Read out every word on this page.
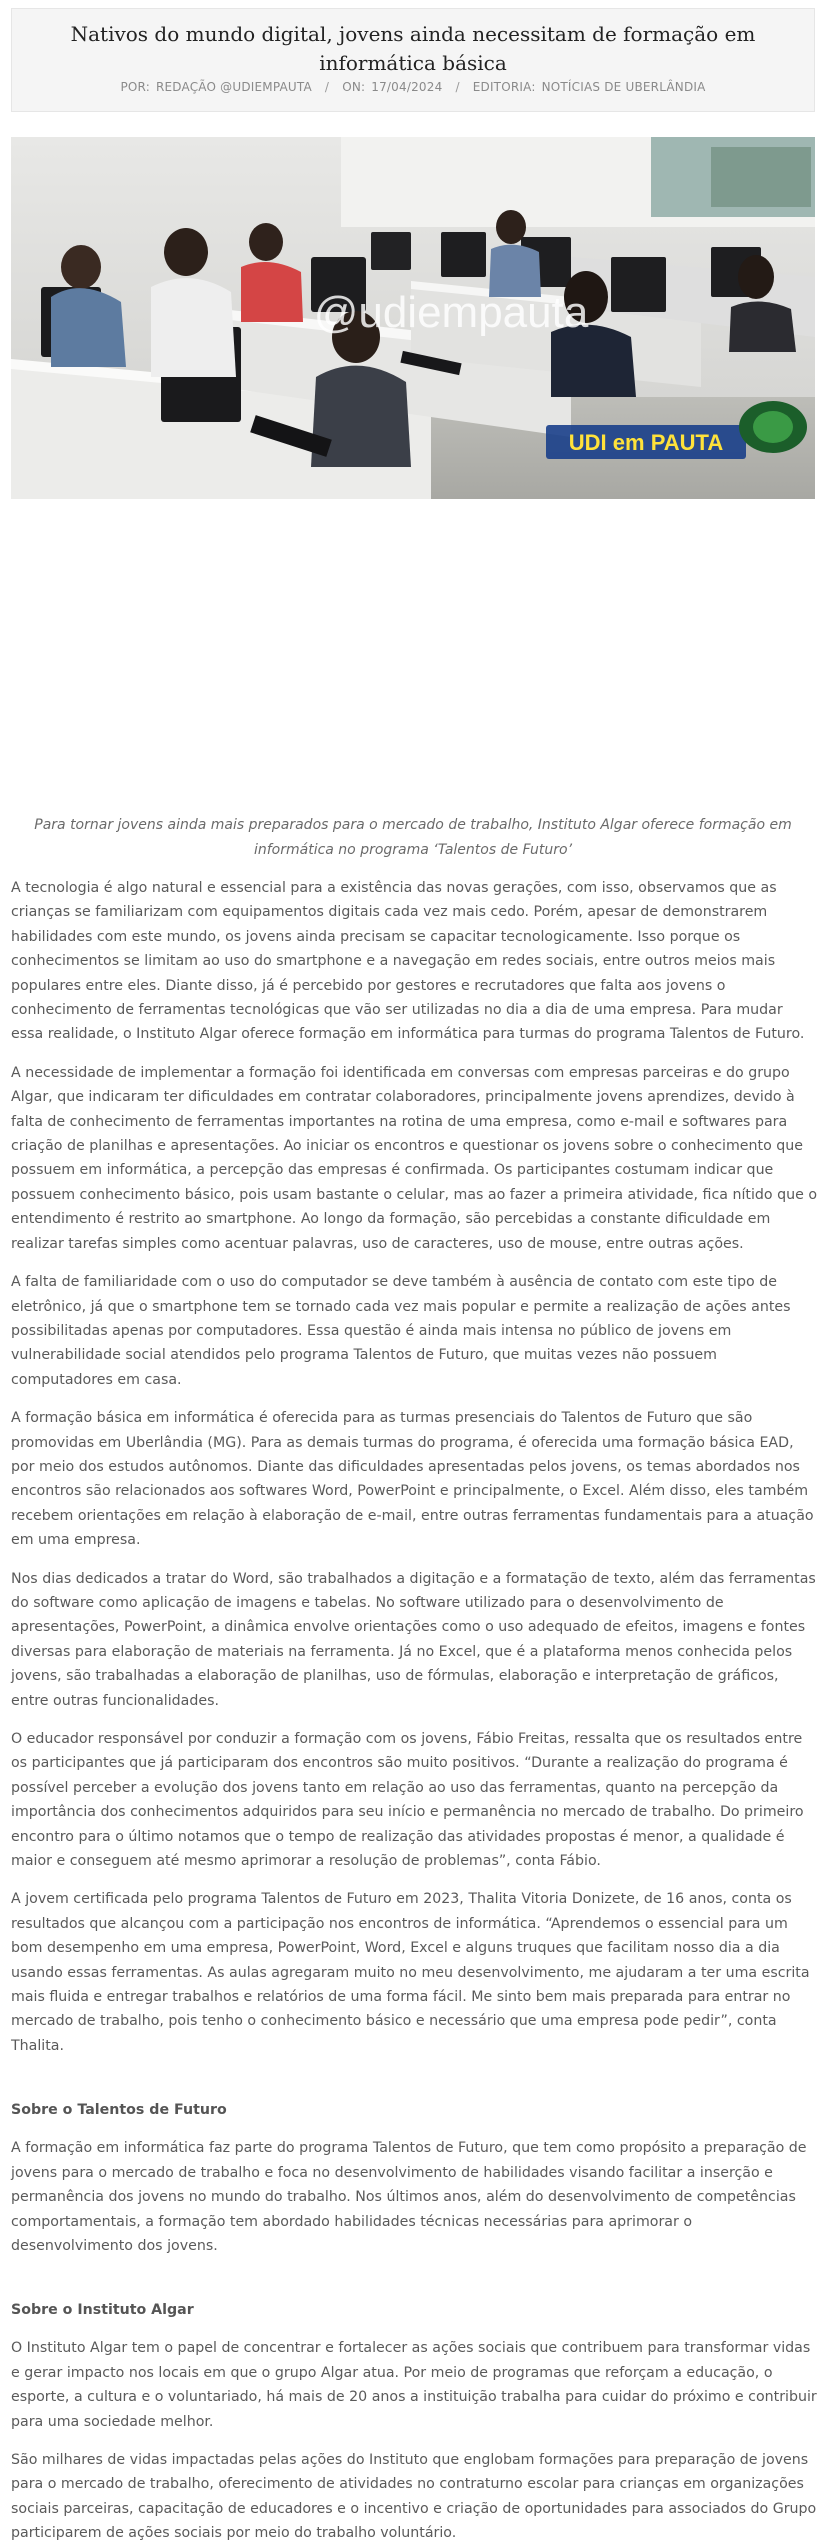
Nativos do mundo digital, jovens ainda necessitam de formação em informática básica
POR: REDAÇÃO @UDIEMPAUTA / ON: 17/04/2024 / EDITORIA: NOTÍCIAS DE UBERLÂNDIA
@udiempauta
UDI em PAUTA

Para tornar jovens ainda mais preparados para o mercado de trabalho, Instituto Algar oferece formação em informática no programa ‘Talentos de Futuro’

A tecnologia é algo natural e essencial para a existência das novas gerações, com isso, observamos que as crianças se familiarizam com equipamentos digitais cada vez mais cedo. Porém, apesar de demonstrarem habilidades com este mundo, os jovens ainda precisam se capacitar tecnologicamente. Isso porque os conhecimentos se limitam ao uso do smartphone e a navegação em redes sociais, entre outros meios mais populares entre eles. Diante disso, já é percebido por gestores e recrutadores que falta aos jovens o conhecimento de ferramentas tecnológicas que vão ser utilizadas no dia a dia de uma empresa. Para mudar essa realidade, o Instituto Algar oferece formação em informática para turmas do programa Talentos de Futuro.

A necessidade de implementar a formação foi identificada em conversas com empresas parceiras e do grupo Algar, que indicaram ter dificuldades em contratar colaboradores, principalmente jovens aprendizes, devido à falta de conhecimento de ferramentas importantes na rotina de uma empresa, como e-mail e softwares para criação de planilhas e apresentações. Ao iniciar os encontros e questionar os jovens sobre o conhecimento que possuem em informática, a percepção das empresas é confirmada. Os participantes costumam indicar que possuem conhecimento básico, pois usam bastante o celular, mas ao fazer a primeira atividade, fica nítido que o entendimento é restrito ao smartphone. Ao longo da formação, são percebidas a constante dificuldade em realizar tarefas simples como acentuar palavras, uso de caracteres, uso de mouse, entre outras ações.

A falta de familiaridade com o uso do computador se deve também à ausência de contato com este tipo de eletrônico, já que o smartphone tem se tornado cada vez mais popular e permite a realização de ações antes possibilitadas apenas por computadores. Essa questão é ainda mais intensa no público de jovens em vulnerabilidade social atendidos pelo programa Talentos de Futuro, que muitas vezes não possuem computadores em casa.

A formação básica em informática é oferecida para as turmas presenciais do Talentos de Futuro que são promovidas em Uberlândia (MG). Para as demais turmas do programa, é oferecida uma formação básica EAD, por meio dos estudos autônomos. Diante das dificuldades apresentadas pelos jovens, os temas abordados nos encontros são relacionados aos softwares Word, PowerPoint e principalmente, o Excel. Além disso, eles também recebem orientações em relação à elaboração de e-mail, entre outras ferramentas fundamentais para a atuação em uma empresa.

Nos dias dedicados a tratar do Word, são trabalhados a digitação e a formatação de texto, além das ferramentas do software como aplicação de imagens e tabelas. No software utilizado para o desenvolvimento de apresentações, PowerPoint, a dinâmica envolve orientações como o uso adequado de efeitos, imagens e fontes diversas para elaboração de materiais na ferramenta. Já no Excel, que é a plataforma menos conhecida pelos jovens, são trabalhadas a elaboração de planilhas, uso de fórmulas, elaboração e interpretação de gráficos, entre outras funcionalidades.

O educador responsável por conduzir a formação com os jovens, Fábio Freitas, ressalta que os resultados entre os participantes que já participaram dos encontros são muito positivos. “Durante a realização do programa é possível perceber a evolução dos jovens tanto em relação ao uso das ferramentas, quanto na percepção da importância dos conhecimentos adquiridos para seu início e permanência no mercado de trabalho. Do primeiro encontro para o último notamos que o tempo de realização das atividades propostas é menor, a qualidade é maior e conseguem até mesmo aprimorar a resolução de problemas”, conta Fábio.

A jovem certificada pelo programa Talentos de Futuro em 2023, Thalita Vitoria Donizete, de 16 anos, conta os resultados que alcançou com a participação nos encontros de informática. “Aprendemos o essencial para um bom desempenho em uma empresa, PowerPoint, Word, Excel e alguns truques que facilitam nosso dia a dia usando essas ferramentas. As aulas agregaram muito no meu desenvolvimento, me ajudaram a ter uma escrita mais fluida e entregar trabalhos e relatórios de uma forma fácil. Me sinto bem mais preparada para entrar no mercado de trabalho, pois tenho o conhecimento básico e necessário que uma empresa pode pedir”, conta Thalita.

Sobre o Talentos de Futuro

A formação em informática faz parte do programa Talentos de Futuro, que tem como propósito a preparação de jovens para o mercado de trabalho e foca no desenvolvimento de habilidades visando facilitar a inserção e permanência dos jovens no mundo do trabalho. Nos últimos anos, além do desenvolvimento de competências comportamentais, a formação tem abordado habilidades técnicas necessárias para aprimorar o desenvolvimento dos jovens.

Sobre o Instituto Algar

O Instituto Algar tem o papel de concentrar e fortalecer as ações sociais que contribuem para transformar vidas e gerar impacto nos locais em que o grupo Algar atua. Por meio de programas que reforçam a educação, o esporte, a cultura e o voluntariado, há mais de 20 anos a instituição trabalha para cuidar do próximo e contribuir para uma sociedade melhor.

São milhares de vidas impactadas pelas ações do Instituto que englobam formações para preparação de jovens para o mercado de trabalho, oferecimento de atividades no contraturno escolar para crianças em organizações sociais parceiras, capacitação de educadores e o incentivo e criação de oportunidades para associados do Grupo participarem de ações sociais por meio do trabalho voluntário.
